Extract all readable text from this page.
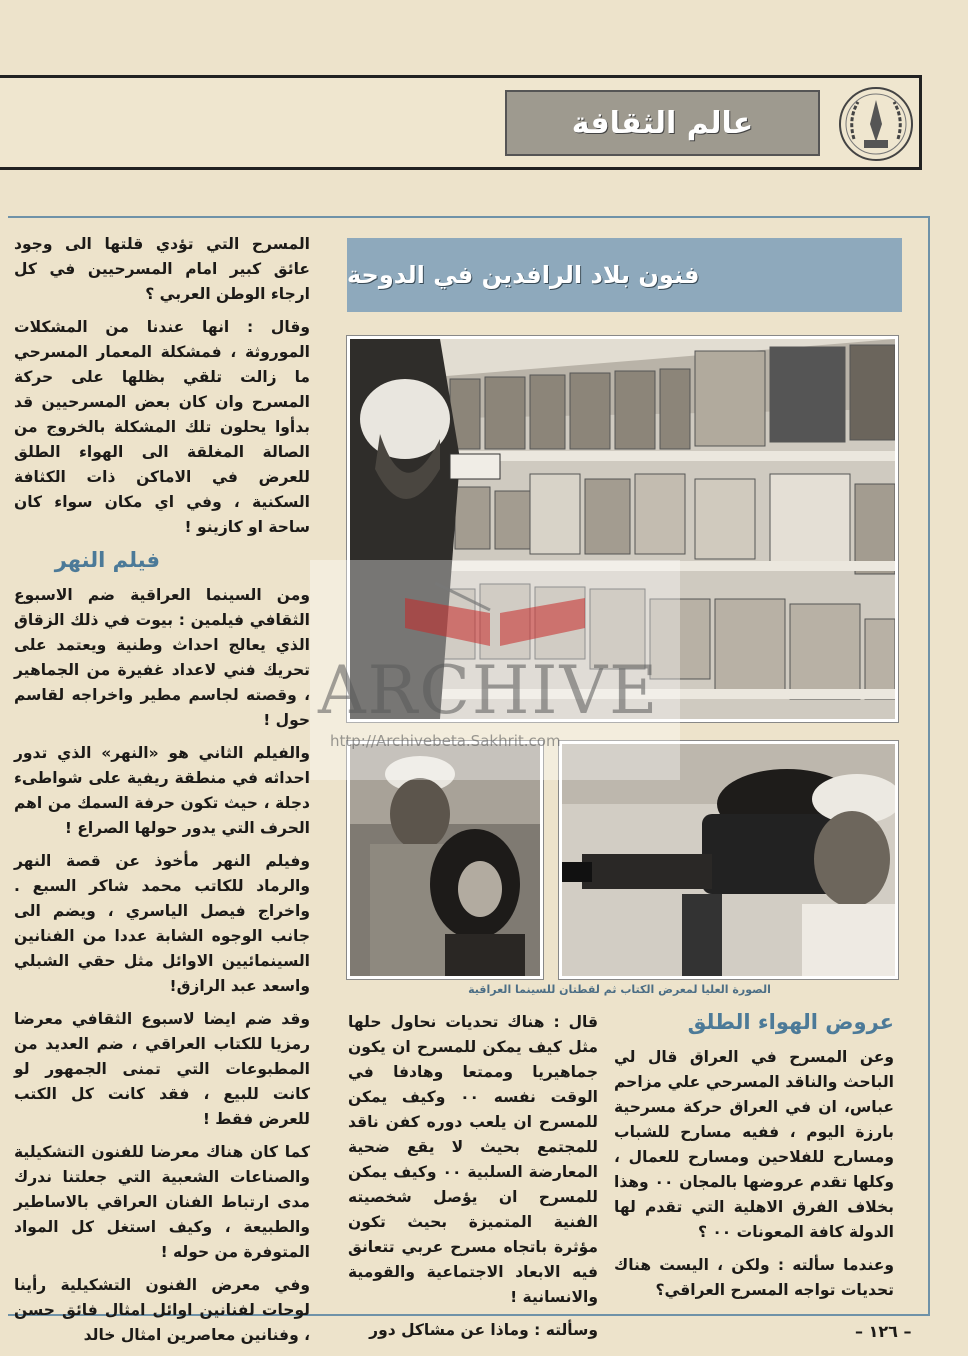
عالم الثقافة

المسرح التي تؤدي قلتها الى وجود عائق كبير امام المسرحيين في كل ارجاء الوطن العربي ؟

وقال : انها عندنا من المشكلات الموروثة ، فمشكلة المعمار المسرحي ما زالت تلقي بظلها على حركة المسرح وان كان بعض المسرحيين قد بدأوا يحلون تلك المشكلة بالخروج من الصالة المغلقة الى الهواء الطلق للعرض في الاماكن ذات الكثافة السكنية ، وفي اي مكان سواء كان ساحة او كازينو !

فيلم النهر

ومن السينما العراقية ضم الاسبوع الثقافي فيلمين : بيوت في ذلك الزقاق الذي يعالج احداث وطنية ويعتمد على تحريك فني لاعداد غفيرة من الجماهير ، وقصته لجاسم مطير واخراجه لقاسم حول !

والفيلم الثاني هو «النهر» الذي تدور احداثه في منطقة ريفية على شواطىء دجلة ، حيث تكون حرفة السمك من اهم الحرف التي يدور حولها الصراع !

وفيلم النهر مأخوذ عن قصة النهر والرماد للكاتب محمد شاكر السبع . واخراج فيصل الياسري ، ويضم الى جانب الوجوه الشابة عددا من الفنانين السينمائيين الاوائل مثل حقي الشبلي واسعد عبد الرازق!

وقد ضم ايضا لاسبوع الثقافي معرضا رمزيا للكتاب العراقي ، ضم العديد من المطبوعات التي تمنى الجمهور لو كانت للبيع ، فقد كانت كل الكتب للعرض فقط !

كما كان هناك معرضا للفنون التشكيلية والصناعات الشعبية التي جعلتنا ندرك مدى ارتباط الفنان العراقي بالاساطير والطبيعة ، وكيف استغل كل المواد المتوفرة من حوله !

وفي معرض الفنون التشكيلية رأينا لوحات لفنانين اوائل امثال فائق حسن ، وفنانين معاصرين امثال خالد

فنون بلاد الرافدين في الدوحة
الصورة العليا لمعرض الكتاب ثم لقطتان للسينما العراقية

قال : هناك تحديات نحاول حلها مثل كيف يمكن للمسرح ان يكون جماهيريا وممتعا وهادفا في الوقت نفسه ٠٠ وكيف يمكن للمسرح ان يلعب دوره كفن ناقد للمجتمع بحيث لا يقع ضحية المعارضة السلبية ٠٠ وكيف يمكن للمسرح ان يؤصل شخصيته الفنية المتميزة بحيث تكون مؤثرة باتجاه مسرح عربي تتعانق فيه الابعاد الاجتماعية والقومية والانسانية !

وسألته : وماذا عن مشاكل دور

عروض الهواء الطلق

وعن المسرح في العراق قال لي الباحث والناقد المسرحي علي مزاحم عباس، ان في العراق حركة مسرحية بارزة اليوم ، ففيه مسارح للشباب ومسارح للفلاحين ومسارح للعمال ، وكلها تقدم عروضها بالمجان ٠٠ وهذا بخلاف الفرق الاهلية التي تقدم لها الدولة كافة المعونات ٠٠ ؟

وعندما سألته : ولكن ، اليست هناك تحديات تواجه المسرح العراقي؟

ARCHIVE
http://Archivebeta.Sakhrit.com
– ١٢٦ –
